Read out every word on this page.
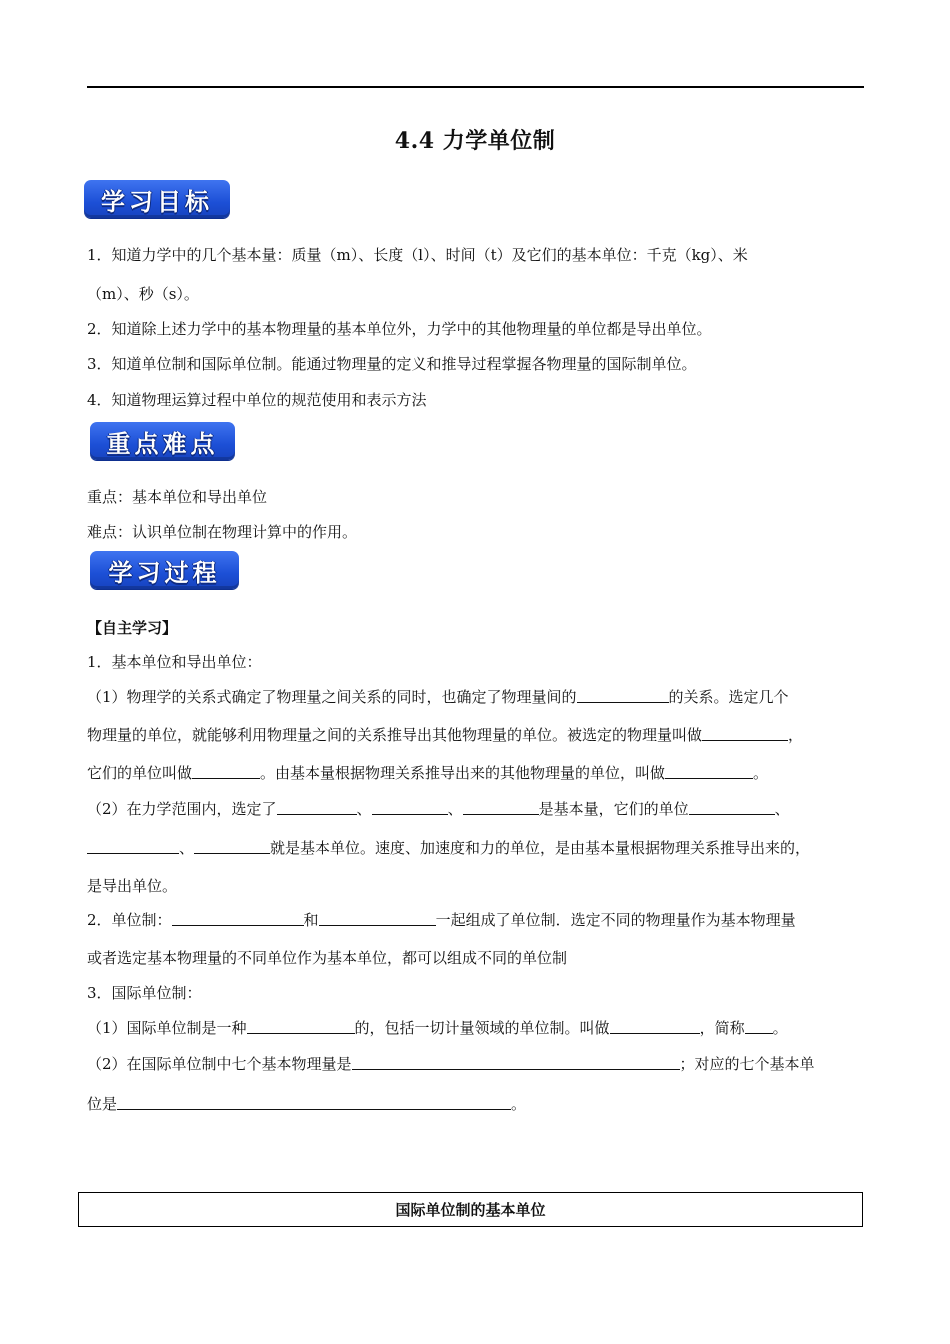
4.4 力学单位制
学习目标
1．知道力学中的几个基本量：质量（m）、长度（l）、时间（t）及它们的基本单位：千克（kg）、米
（m）、秒（s）。
2．知道除上述力学中的基本物理量的基本单位外，力学中的其他物理量的单位都是导出单位。
3．知道单位制和国际单位制。能通过物理量的定义和推导过程掌握各物理量的国际制单位。
4．知道物理运算过程中单位的规范使用和表示方法
重点难点
重点：基本单位和导出单位
难点：认识单位制在物理计算中的作用。
学习过程
【自主学习】
1．基本单位和导出单位：
（1）物理学的关系式确定了物理量之间关系的同时，也确定了物理量间的	的关系。选定几个
物理量的单位，就能够利用物理量之间的关系推导出其他物理量的单位。被选定的物理量叫做	，
它们的单位叫做	。由基本量根据物理关系推导出来的其他物理量的单位，叫做	。
（2）在力学范围内，选定了	、	、	是基本量，它们的单位	、
、	就是基本单位。速度、加速度和力的单位，是由基本量根据物理关系推导出来的，
是导出单位。
2．单位制：	和	一起组成了单位制．选定不同的物理量作为基本物理量
或者选定基本物理量的不同单位作为基本单位，都可以组成不同的单位制
3．国际单位制：
（1）国际单位制是一种	的，包括一切计量领域的单位制。叫做	，简称 。
（2）在国际单位制中七个基本物理量是	；对应的七个基本单
位是	。
国际单位制的基本单位
